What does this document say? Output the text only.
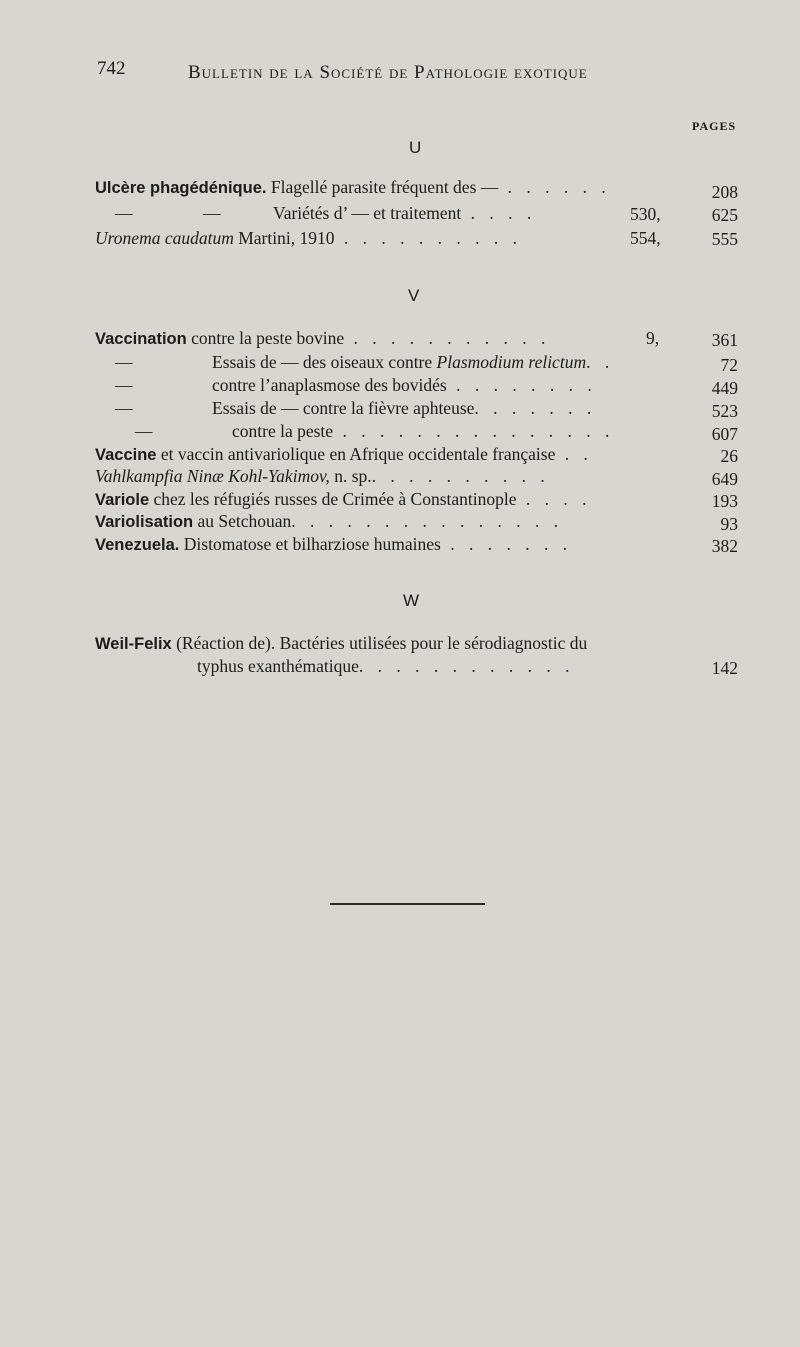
742	Bulletin de la Société de Pathologie exotique
PAGES
U
Ulcère phagédénique. Flagellé parasite fréquent des — . . . . . .	208
—	—	Variétés d’ — et traitement . . . .	530,	625
Uronema caudatum Martini, 1910 . . . . . . . . . .	554,	555
V
Vaccination contre la peste bovine . . . . . . . . . . .	9,	361
—	Essais de — des oiseaux contre Plasmodium relictum. .	72
—	contre l’anaplasmose des bovidés . . . . . . . .	449
—	Essais de — contre la fièvre aphteuse. . . . . . .	523
—	contre la peste . . . . . . . . . . . . . . .	607
Vaccine et vaccin antivariolique en Afrique occidentale française . .	26
Vahlkampfia Ninæ Kohl-Yakimov, n. sp.. . . . . . . . . .	649
Variole chez les réfugiés russes de Crimée à Constantinople . . . .	193
Variolisation au Setchouan. . . . . . . . . . . . . . .	93
Venezuela. Distomatose et bilharziose humaines . . . . . . .	382
W
Weil-Felix (Réaction de). Bactéries utilisées pour le sérodiagnostic du
typhus exanthématique. . . . . . . . . . . .	142
